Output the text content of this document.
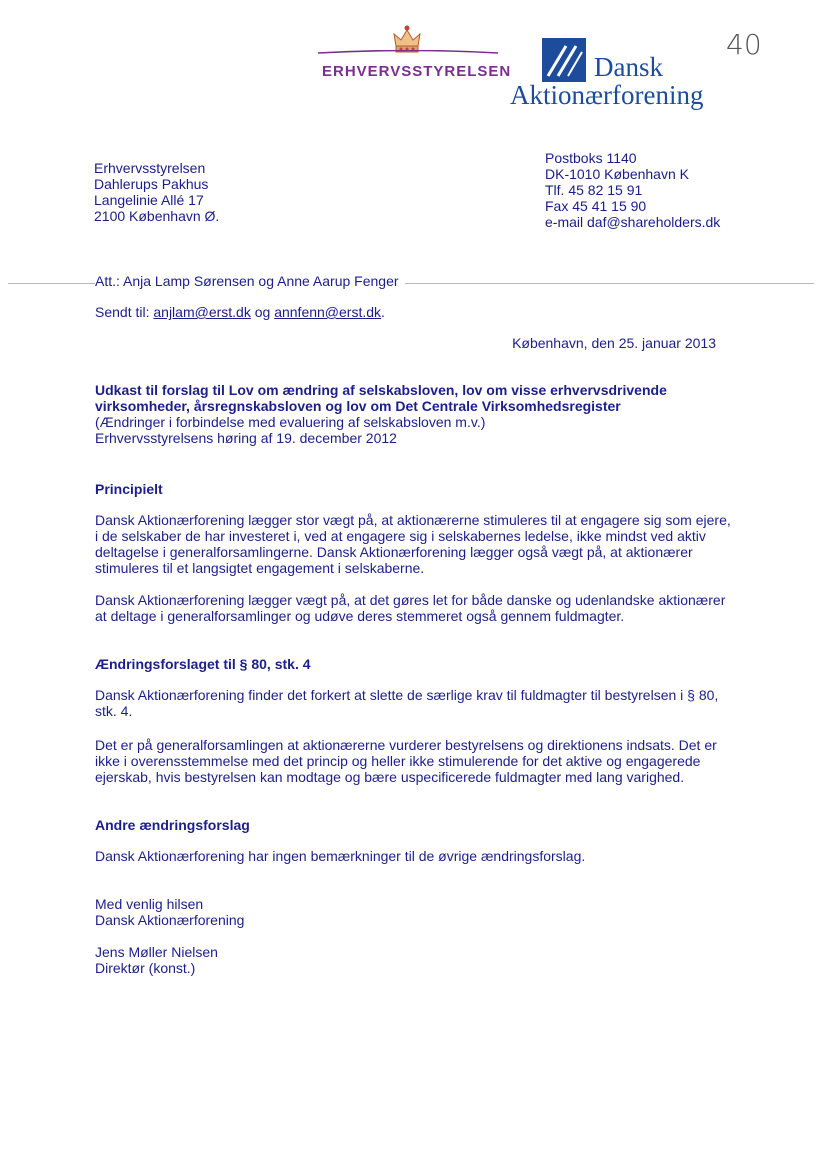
ERHVERVSSTYRELSEN	Dansk
Aktionærforening
40
Erhvervsstyrelsen
Dahlerups Pakhus
Langelinie Allé 17
2100 København Ø.
Postboks 1140
DK-1010 København K
Tlf. 45 82 15 91
Fax 45 41 15 90
e-mail daf@shareholders.dk
Att.: Anja Lamp Sørensen og Anne Aarup Fenger
Sendt til: anjlam@erst.dk og annfenn@erst.dk.
København, den 25. januar 2013
Udkast til forslag til Lov om ændring af selskabsloven, lov om visse erhvervsdrivende
virksomheder, årsregnskabsloven og lov om Det Centrale Virksomhedsregister
(Ændringer i forbindelse med evaluering af selskabsloven m.v.)
Erhvervsstyrelsens høring af 19. december 2012
Principielt
Dansk Aktionærforening lægger stor vægt på, at aktionærerne stimuleres til at engagere sig som ejere, i de selskaber de har investeret i, ved at engagere sig i selskabernes ledelse, ikke mindst ved aktiv deltagelse i generalforsamlingerne. Dansk Aktionærforening lægger også vægt på, at aktionærer stimuleres til et langsigtet engagement i selskaberne.
Dansk Aktionærforening lægger vægt på, at det gøres let for både danske og udenlandske aktionærer at deltage i generalforsamlinger og udøve deres stemmeret også gennem fuldmagter.
Ændringsforslaget til § 80, stk. 4
Dansk Aktionærforening finder det forkert at slette de særlige krav til fuldmagter til bestyrelsen i § 80, stk. 4.
Det er på generalforsamlingen at aktionærerne vurderer bestyrelsens og direktionens indsats. Det er ikke i overensstemmelse med det princip og heller ikke stimulerende for det aktive og engagerede ejerskab, hvis bestyrelsen kan modtage og bære uspecificerede fuldmagter med lang varighed.
Andre ændringsforslag
Dansk Aktionærforening har ingen bemærkninger til de øvrige ændringsforslag.
Med venlig hilsen
Dansk Aktionærforening
Jens Møller Nielsen
Direktør (konst.)
